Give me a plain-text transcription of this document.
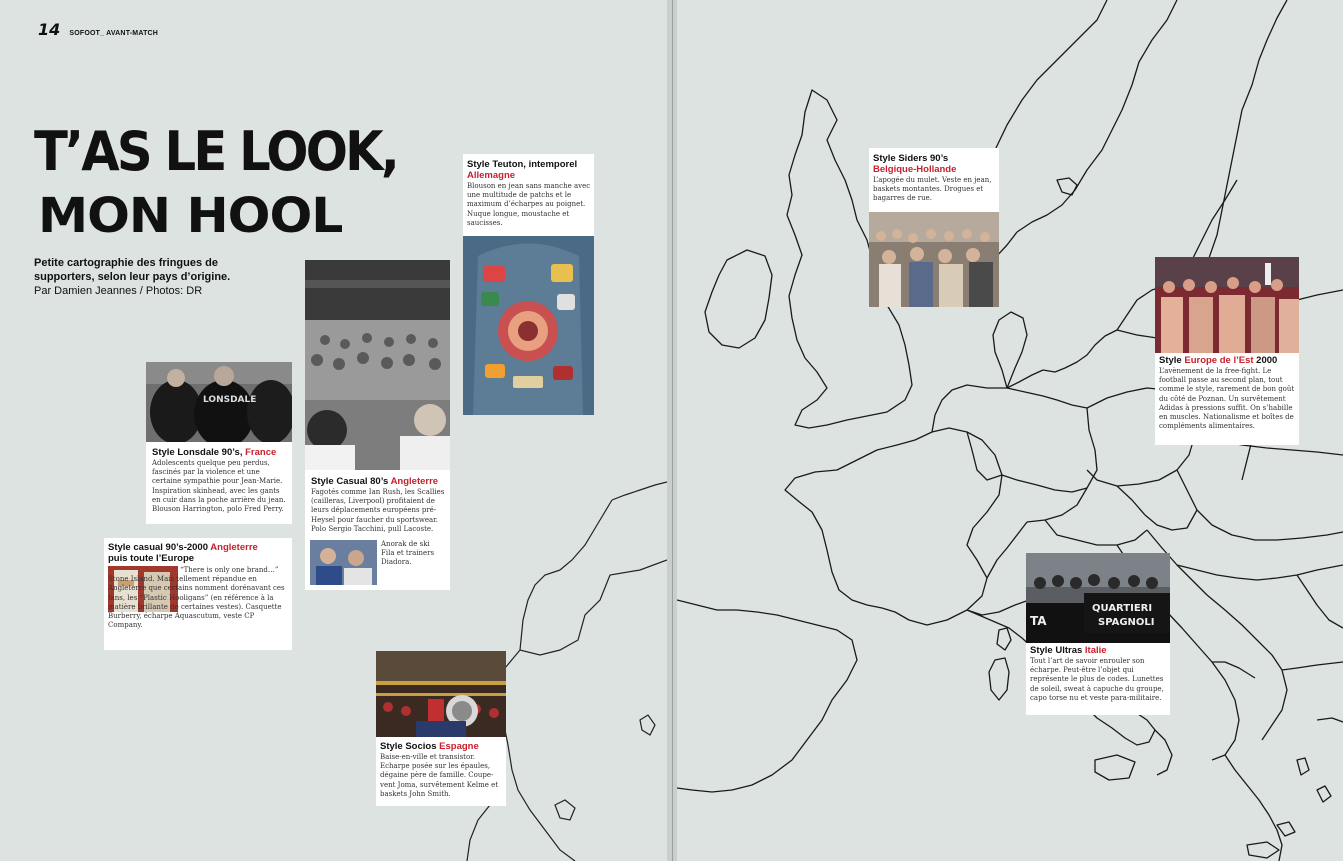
14 SOFOOT_ AVANT-MATCH
T’AS LE LOOK,
MON HOOL
Petite cartographie des fringues de supporters, selon leur pays d’origine.
Par Damien Jeannes / Photos: DR
LONSDALE
Style Lonsdale 90’s, France
Adolescents quelque peu perdus, fascinés par la violence et une certaine sympathie pour Jean-Marie. Inspiration skinhead, avec les gants en cuir dans la poche arrière du jean. Blouson Harrington, polo Fred Perry.
Style casual 90’s-2000 Angleterre
puis toute l’Europe
“There is only one brand…” Stone Island. Mais tellement répandue en Angleterre que certains nomment dorénavant ces fans, les “Plastic Hooligans” (en référence à la matière brillante de certaines vestes). Casquette Burberry, écharpe Aquascutum, veste CP Company.
Style Casual 80’s Angleterre
Fagotés comme Ian Rush, les Scallies (cailleras, Liverpool) profitaient de leurs déplacements européens pré-Heysel pour faucher du sportswear. Polo Sergio Tacchini, pull Lacoste.
Anorak de ski Fila et trainers Diadora.
Style Teuton, intemporel
Allemagne
Blouson en jean sans manche avec une multitude de patchs et le maximum d’écharpes au poignet. Nuque longue, moustache et saucisses.
Style Socios Espagne
Baise-en-ville et transistor. Echarpe posée sur les épaules, dégaine père de famille. Coupe-vent Joma, survêtement Kelme et baskets John Smith.
Style Siders 90’s
Belgique-Hollande
L’apogée du mulet. Veste en jean, baskets montantes. Drogues et bagarres de rue.
Style Europe de l’Est 2000
L’avènement de la free-fight. Le football passe au second plan, tout comme le style, rarement de bon goût du côté de Poznan. Un survêtement Adidas à pressions suffit. On s’habille en muscles. Nationalisme et boîtes de compléments alimentaires.
QUARTIERI
SPAGNOLI
TA
Style Ultras Italie
Tout l’art de savoir enrouler son écharpe. Peut-être l’objet qui représente le plus de codes. Lunettes de soleil, sweat à capuche du groupe, capo torse nu et veste para-militaire.
